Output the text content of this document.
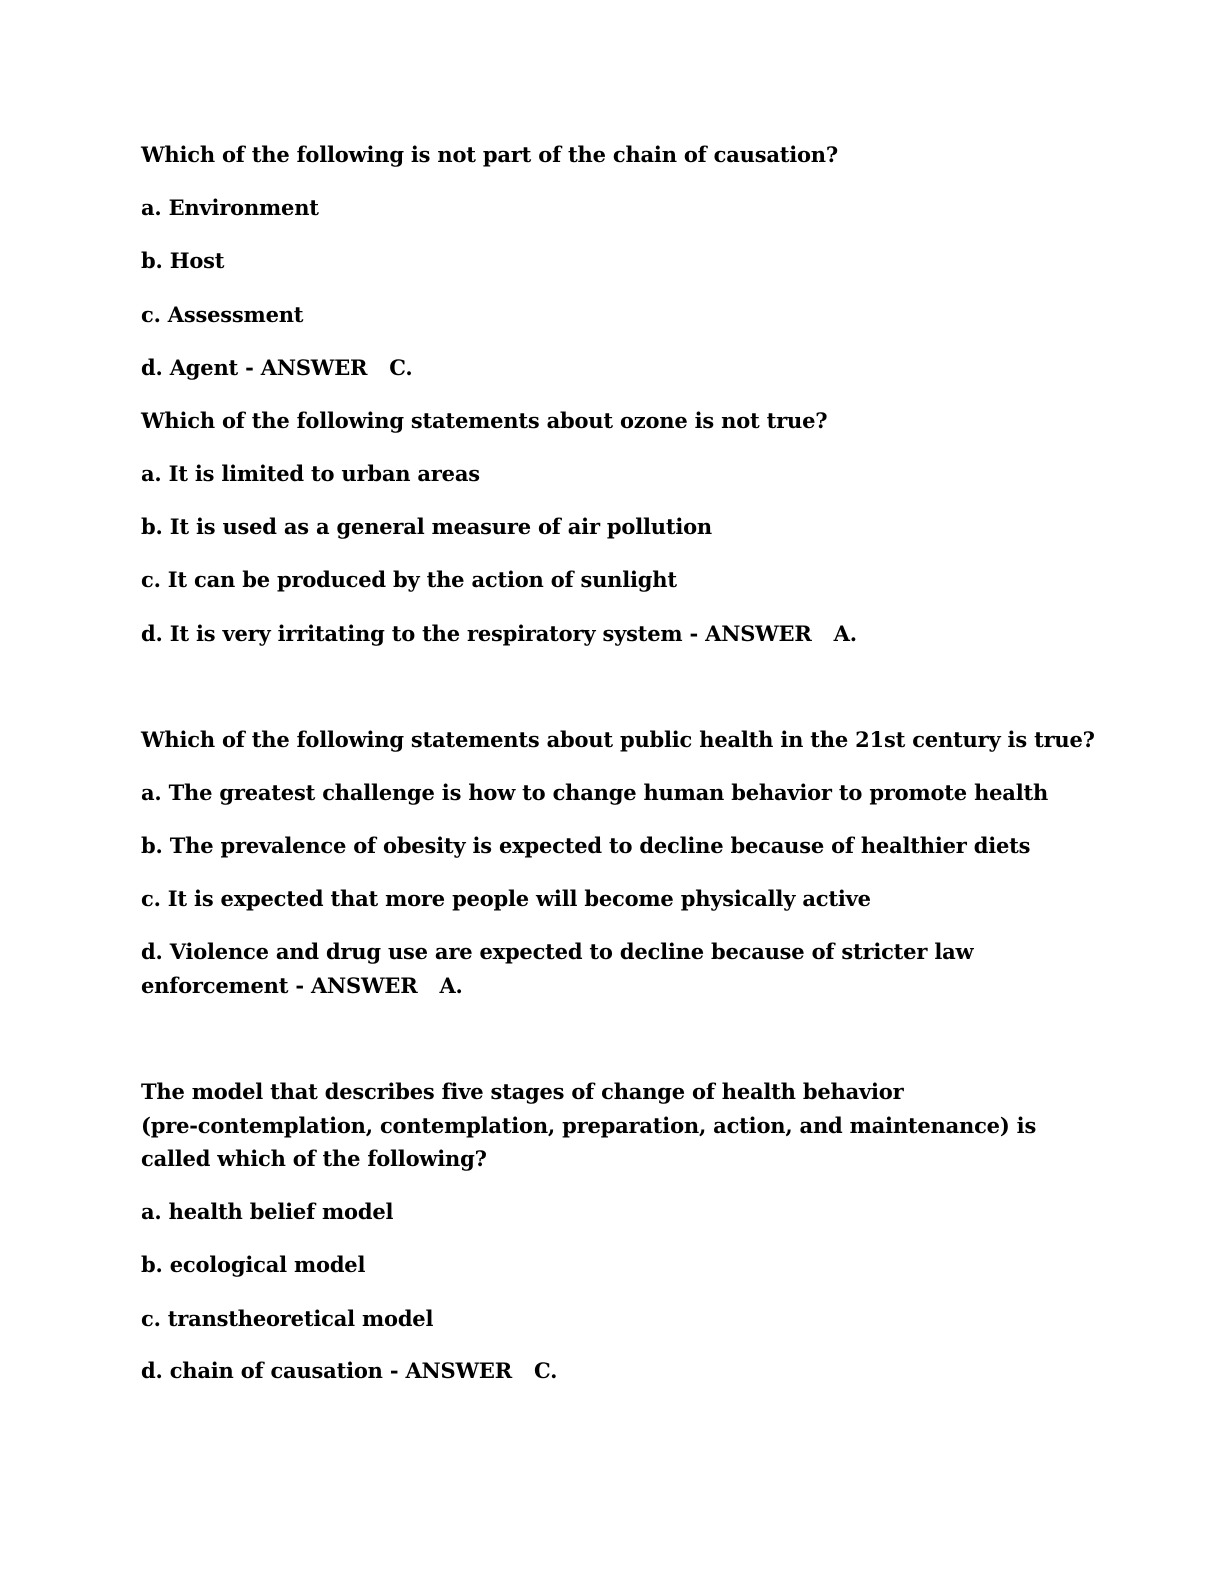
Which of the following is not part of the chain of causation?

a. Environment

b. Host

c. Assessment

d. Agent - ANSWER C.

Which of the following statements about ozone is not true?

a. It is limited to urban areas

b. It is used as a general measure of air pollution

c. It can be produced by the action of sunlight

d. It is very irritating to the respiratory system - ANSWER A.

Which of the following statements about public health in the 21st century is true?

a. The greatest challenge is how to change human behavior to promote health

b. The prevalence of obesity is expected to decline because of healthier diets

c. It is expected that more people will become physically active

d. Violence and drug use are expected to decline because of stricter law

enforcement - ANSWER A.

The model that describes five stages of change of health behavior

(pre-contemplation, contemplation, preparation, action, and maintenance) is

called which of the following?

a. health belief model

b. ecological model

c. transtheoretical model

d. chain of causation - ANSWER C.
